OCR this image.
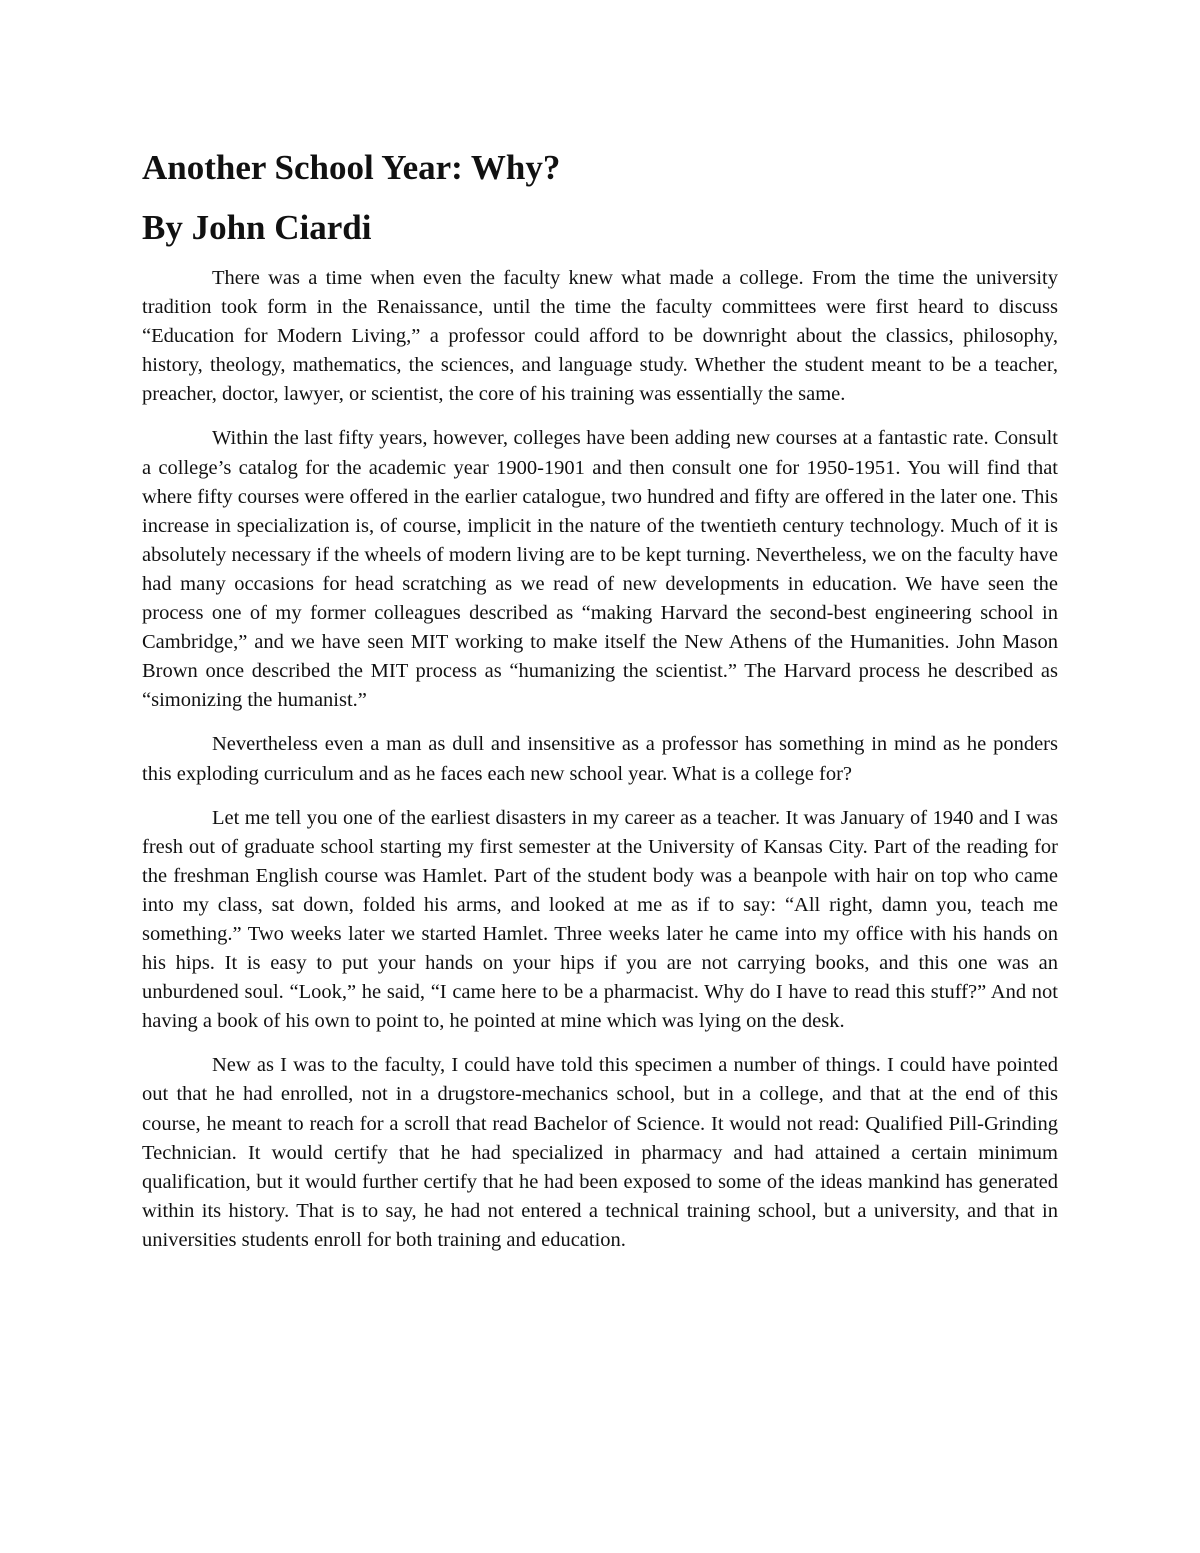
Another School Year: Why?
By John Ciardi

There was a time when even the faculty knew what made a college. From the time the university tradition took form in the Renaissance, until the time the faculty committees were first heard to discuss “Education for Modern Living,” a professor could afford to be downright about the classics, philosophy, history, theology, mathematics, the sciences, and language study. Whether the student meant to be a teacher, preacher, doctor, lawyer, or scientist, the core of his training was essentially the same.

Within the last fifty years, however, colleges have been adding new courses at a fantastic rate. Consult a college’s catalog for the academic year 1900-1901 and then consult one for 1950-1951. You will find that where fifty courses were offered in the earlier catalogue, two hundred and fifty are offered in the later one. This increase in specialization is, of course, implicit in the nature of the twentieth century technology. Much of it is absolutely necessary if the wheels of modern living are to be kept turning. Nevertheless, we on the faculty have had many occasions for head scratching as we read of new developments in education. We have seen the process one of my former colleagues described as “making Harvard the second-best engineering school in Cambridge,” and we have seen MIT working to make itself the New Athens of the Humanities. John Mason Brown once described the MIT process as “humanizing the scientist.” The Harvard process he described as “simonizing the humanist.”

Nevertheless even a man as dull and insensitive as a professor has something in mind as he ponders this exploding curriculum and as he faces each new school year. What is a college for?

Let me tell you one of the earliest disasters in my career as a teacher. It was January of 1940 and I was fresh out of graduate school starting my first semester at the University of Kansas City. Part of the reading for the freshman English course was Hamlet. Part of the student body was a beanpole with hair on top who came into my class, sat down, folded his arms, and looked at me as if to say: “All right, damn you, teach me something.” Two weeks later we started Hamlet. Three weeks later he came into my office with his hands on his hips. It is easy to put your hands on your hips if you are not carrying books, and this one was an unburdened soul. “Look,” he said, “I came here to be a pharmacist. Why do I have to read this stuff?” And not having a book of his own to point to, he pointed at mine which was lying on the desk.

New as I was to the faculty, I could have told this specimen a number of things. I could have pointed out that he had enrolled, not in a drugstore-mechanics school, but in a college, and that at the end of this course, he meant to reach for a scroll that read Bachelor of Science. It would not read: Qualified Pill-Grinding Technician. It would certify that he had specialized in pharmacy and had attained a certain minimum qualification, but it would further certify that he had been exposed to some of the ideas mankind has generated within its history. That is to say, he had not entered a technical training school, but a university, and that in universities students enroll for both training and education.
